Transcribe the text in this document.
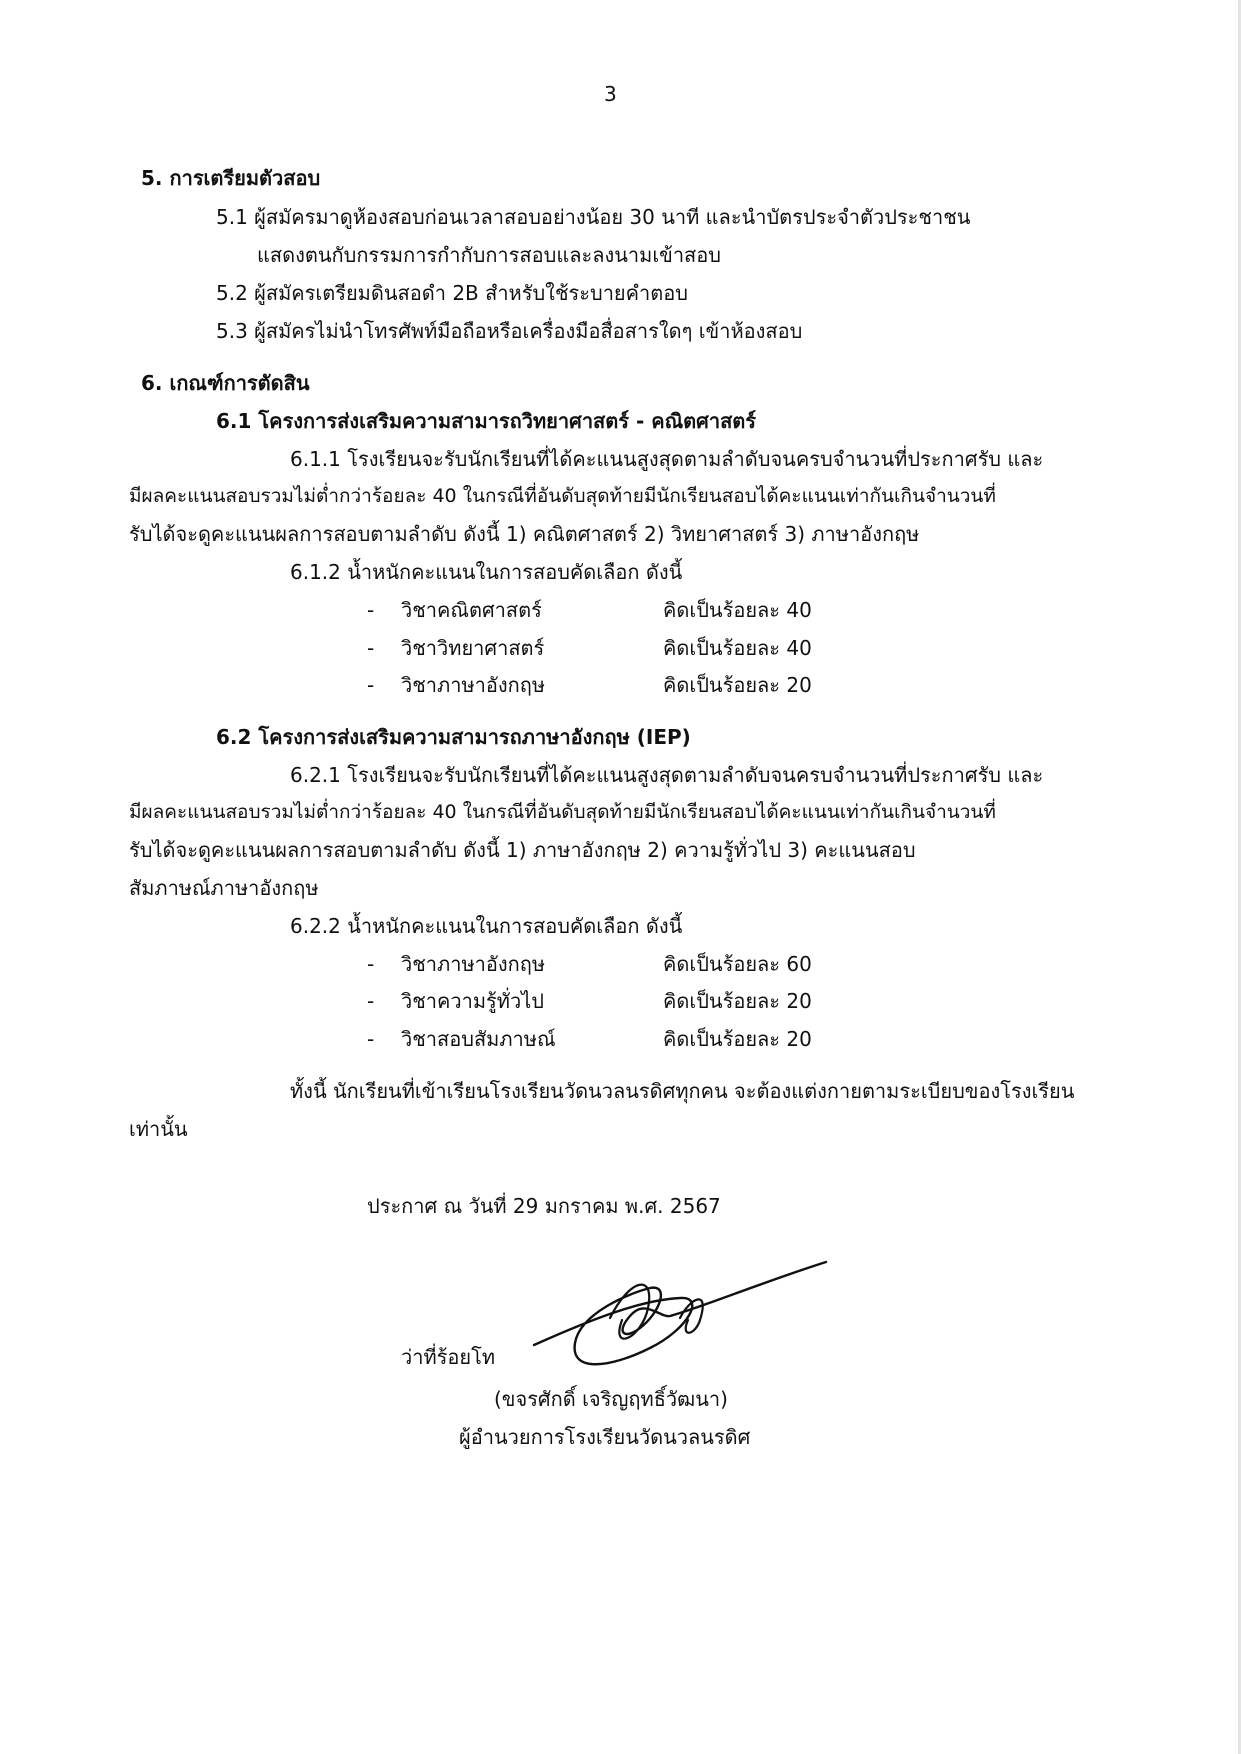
3
5. การเตรียมตัวสอบ
5.1 ผู้สมัครมาดูห้องสอบก่อนเวลาสอบอย่างน้อย 30 นาที และนำบัตรประจำตัวประชาชน
แสดงตนกับกรรมการกำกับการสอบและลงนามเข้าสอบ
5.2 ผู้สมัครเตรียมดินสอดำ 2B สำหรับใช้ระบายคำตอบ
5.3 ผู้สมัครไม่นำโทรศัพท์มือถือหรือเครื่องมือสื่อสารใดๆ เข้าห้องสอบ
6. เกณฑ์การตัดสิน
6.1 โครงการส่งเสริมความสามารถวิทยาศาสตร์ - คณิตศาสตร์
6.1.1 โรงเรียนจะรับนักเรียนที่ได้คะแนนสูงสุดตามลำดับจนครบจำนวนที่ประกาศรับ และ
มีผลคะแนนสอบรวมไม่ต่ำกว่าร้อยละ 40 ในกรณีที่อันดับสุดท้ายมีนักเรียนสอบได้คะแนนเท่ากันเกินจำนวนที่
รับได้จะดูคะแนนผลการสอบตามลำดับ ดังนี้ 1) คณิตศาสตร์ 2) วิทยาศาสตร์ 3) ภาษาอังกฤษ
6.1.2 น้ำหนักคะแนนในการสอบคัดเลือก ดังนี้
- วิชาคณิตศาสตร์	คิดเป็นร้อยละ 40
- วิชาวิทยาศาสตร์	คิดเป็นร้อยละ 40
- วิชาภาษาอังกฤษ	คิดเป็นร้อยละ 20
6.2 โครงการส่งเสริมความสามารถภาษาอังกฤษ (IEP)
6.2.1 โรงเรียนจะรับนักเรียนที่ได้คะแนนสูงสุดตามลำดับจนครบจำนวนที่ประกาศรับ และ
มีผลคะแนนสอบรวมไม่ต่ำกว่าร้อยละ 40 ในกรณีที่อันดับสุดท้ายมีนักเรียนสอบได้คะแนนเท่ากันเกินจำนวนที่
รับได้จะดูคะแนนผลการสอบตามลำดับ ดังนี้ 1) ภาษาอังกฤษ 2) ความรู้ทั่วไป 3) คะแนนสอบ
สัมภาษณ์ภาษาอังกฤษ
6.2.2 น้ำหนักคะแนนในการสอบคัดเลือก ดังนี้
- วิชาภาษาอังกฤษ	คิดเป็นร้อยละ 60
- วิชาความรู้ทั่วไป	คิดเป็นร้อยละ 20
- วิชาสอบสัมภาษณ์	คิดเป็นร้อยละ 20
ทั้งนี้ นักเรียนที่เข้าเรียนโรงเรียนวัดนวลนรดิศทุกคน จะต้องแต่งกายตามระเบียบของโรงเรียน
เท่านั้น
ประกาศ ณ วันที่ 29 มกราคม พ.ศ. 2567
ว่าที่ร้อยโท
(ขจรศักดิ์ เจริญฤทธิ์วัฒนา)
ผู้อำนวยการโรงเรียนวัดนวลนรดิศ
